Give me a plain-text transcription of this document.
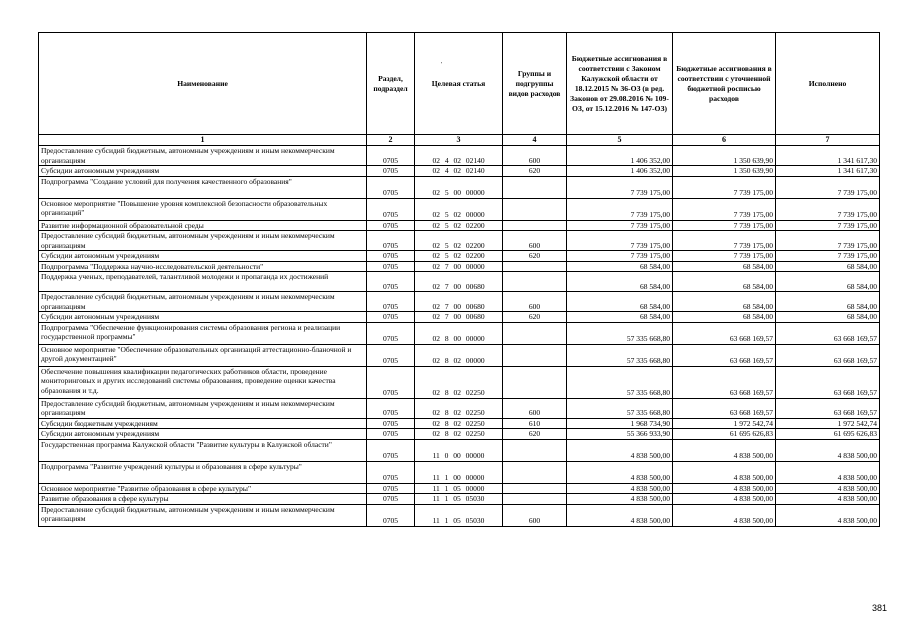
Наименование	Раздел, подраздел	Целевая статья	Группы и подгруппы видов расходов	Бюджетные ассигнования в соответствии с Законом Калужской области от 18.12.2015 № 36-ОЗ (в ред. Законов от 29.08.2016 № 109-ОЗ, от 15.12.2016 № 147-ОЗ)	Бюджетные ассигнования в соответствии с уточненной бюджетной росписью расходов	Исполнено
1	2	3	4	5	6	7
Предоставление субсидий бюджетным, автономным учреждениям и иным некоммерческим организациям	0705	02 4 02 02140	600	1 406 352,00	1 350 639,90	1 341 617,30
Субсидии автономным учреждениям	0705	02 4 02 02140	620	1 406 352,00	1 350 639,90	1 341 617,30
Подпрограмма "Создание условий для получения качественного образования"	0705	02 5 00 00000		7 739 175,00	7 739 175,00	7 739 175,00
Основное мероприятие "Повышение уровня комплексной безопасности образовательных организаций"	0705	02 5 02 00000		7 739 175,00	7 739 175,00	7 739 175,00
Развитие информационной образовательной среды	0705	02 5 02 02200		7 739 175,00	7 739 175,00	7 739 175,00
Предоставление субсидий бюджетным, автономным учреждениям и иным некоммерческим организациям	0705	02 5 02 02200	600	7 739 175,00	7 739 175,00	7 739 175,00
Субсидии автономным учреждениям	0705	02 5 02 02200	620	7 739 175,00	7 739 175,00	7 739 175,00
Подпрограмма "Поддержка научно-исследовательской деятельности"	0705	02 7 00 00000		68 584,00	68 584,00	68 584,00
Поддержка ученых, преподавателей, талантливой молодежи и пропаганда их достижений	0705	02 7 00 00680		68 584,00	68 584,00	68 584,00
Предоставление субсидий бюджетным, автономным учреждениям и иным некоммерческим организациям	0705	02 7 00 00680	600	68 584,00	68 584,00	68 584,00
Субсидии автономным учреждениям	0705	02 7 00 00680	620	68 584,00	68 584,00	68 584,00
Подпрограмма "Обеспечение функционирования системы образования региона и реализации государственной программы"	0705	02 8 00 00000		57 335 668,80	63 668 169,57	63 668 169,57
Основное мероприятие "Обеспечение образовательных организаций аттестационно-бланочной и другой документацией"	0705	02 8 02 00000		57 335 668,80	63 668 169,57	63 668 169,57
Обеспечение повышения квалификации педагогических работников области, проведение мониторинговых и других исследований системы образования, проведение оценки качества образования и т.д.	0705	02 8 02 02250		57 335 668,80	63 668 169,57	63 668 169,57
Предоставление субсидий бюджетным, автономным учреждениям и иным некоммерческим организациям	0705	02 8 02 02250	600	57 335 668,80	63 668 169,57	63 668 169,57
Субсидии бюджетным учреждениям	0705	02 8 02 02250	610	1 968 734,90	1 972 542,74	1 972 542,74
Субсидии автономным учреждениям	0705	02 8 02 02250	620	55 366 933,90	61 695 626,83	61 695 626,83
Государственная программа Калужской области "Развитие культуры в Калужской области"	0705	11 0 00 00000		4 838 500,00	4 838 500,00	4 838 500,00
Подпрограмма "Развитие учреждений культуры и образования в сфере культуры"	0705	11 1 00 00000		4 838 500,00	4 838 500,00	4 838 500,00
Основное мероприятие "Развитие образования в сфере культуры"	0705	11 1 05 00000		4 838 500,00	4 838 500,00	4 838 500,00
Развитие образования в сфере культуры	0705	11 1 05 05030		4 838 500,00	4 838 500,00	4 838 500,00
Предоставление субсидий бюджетным, автономным учреждениям и иным некоммерческим организациям	0705	11 1 05 05030	600	4 838 500,00	4 838 500,00	4 838 500,00
'
381
